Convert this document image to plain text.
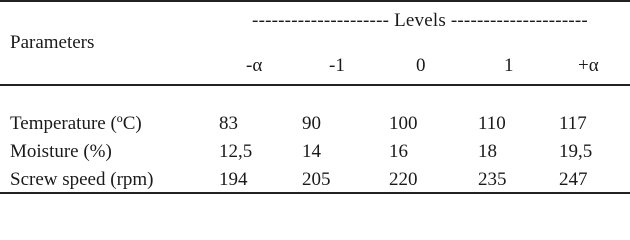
Parameters
--------------------- Levels ---------------------
-α	-1	0	1	+α
Temperature (ºC)	83	90	100	110	117
Moisture (%)	12,5	14	16	18	19,5
Screw speed (rpm)	194	205	220	235	247
